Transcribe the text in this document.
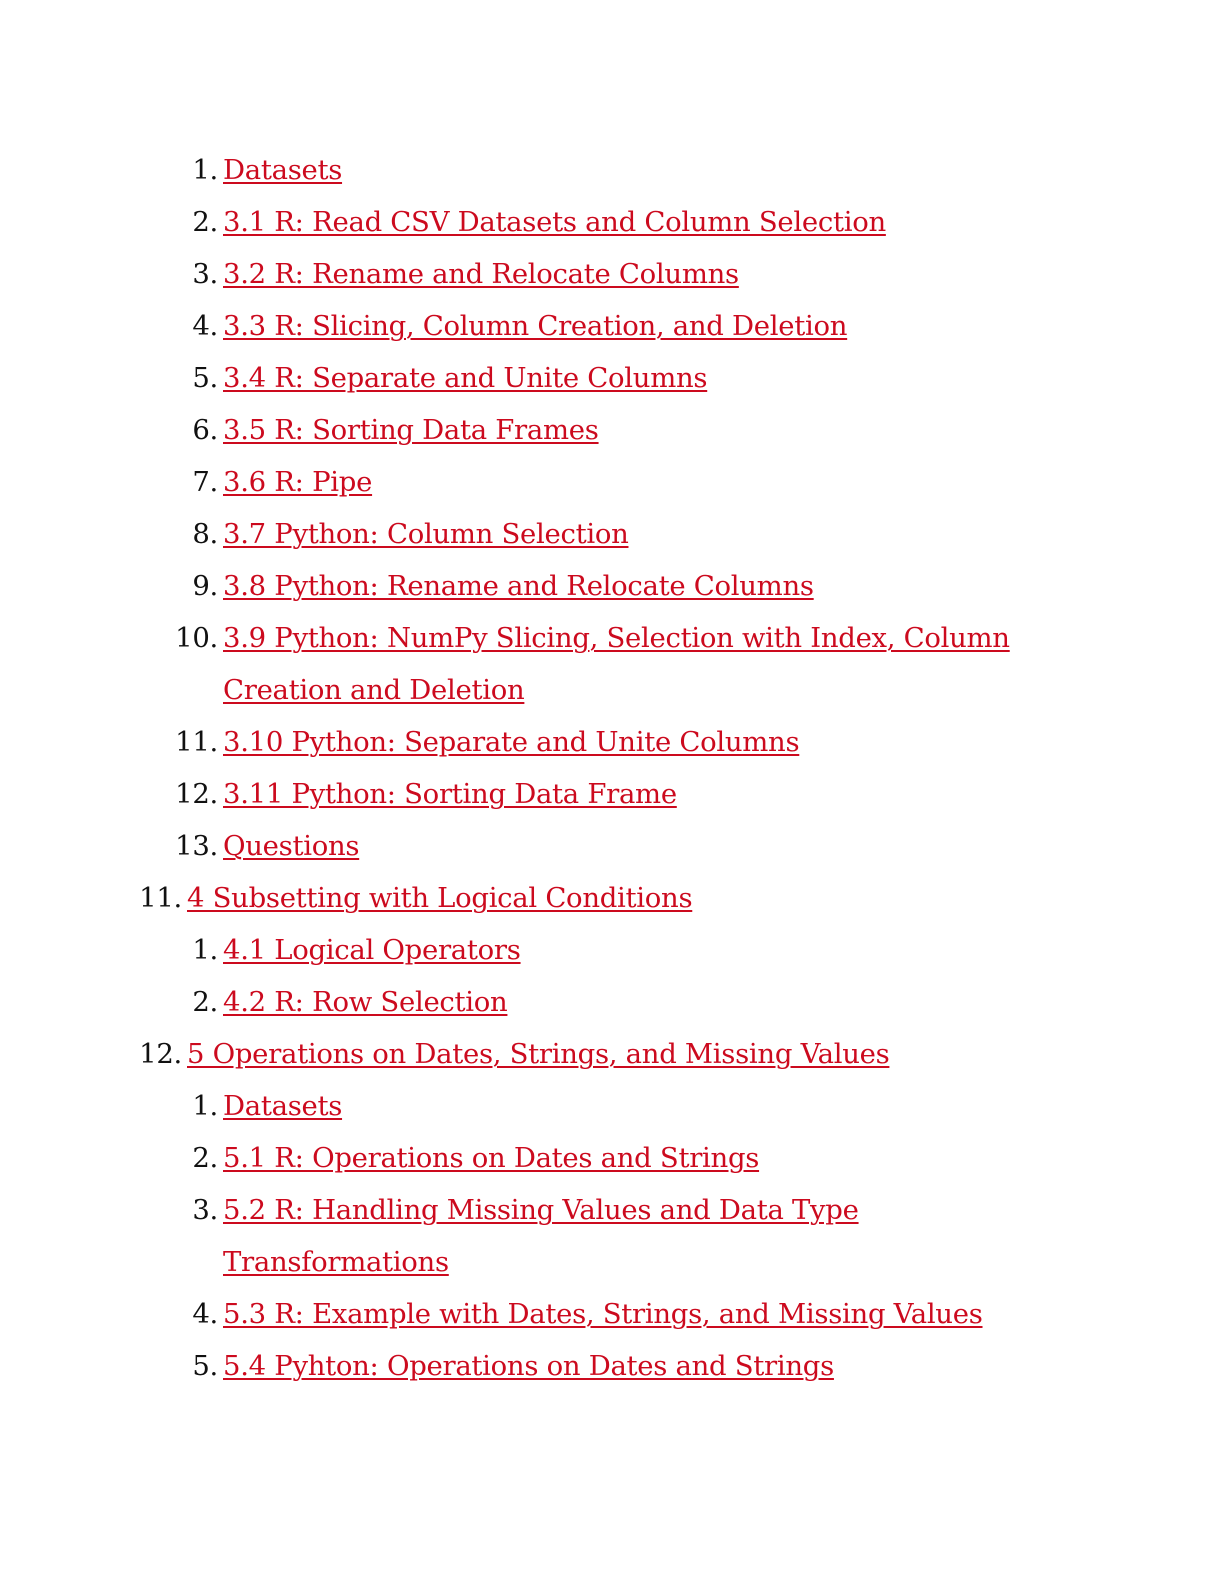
1. Datasets
2. 3.1 R: Read CSV Datasets and Column Selection
3. 3.2 R: Rename and Relocate Columns
4. 3.3 R: Slicing, Column Creation, and Deletion
5. 3.4 R: Separate and Unite Columns
6. 3.5 R: Sorting Data Frames
7. 3.6 R: Pipe
8. 3.7 Python: Column Selection
9. 3.8 Python: Rename and Relocate Columns
10. 3.9 Python: NumPy Slicing, Selection with Index, Column
Creation and Deletion
11. 3.10 Python: Separate and Unite Columns
12. 3.11 Python: Sorting Data Frame
13. Questions
11. 4 Subsetting with Logical Conditions
1. 4.1 Logical Operators
2. 4.2 R: Row Selection
12. 5 Operations on Dates, Strings, and Missing Values
1. Datasets
2. 5.1 R: Operations on Dates and Strings
3. 5.2 R: Handling Missing Values and Data Type
Transformations
4. 5.3 R: Example with Dates, Strings, and Missing Values
5. 5.4 Pyhton: Operations on Dates and Strings
